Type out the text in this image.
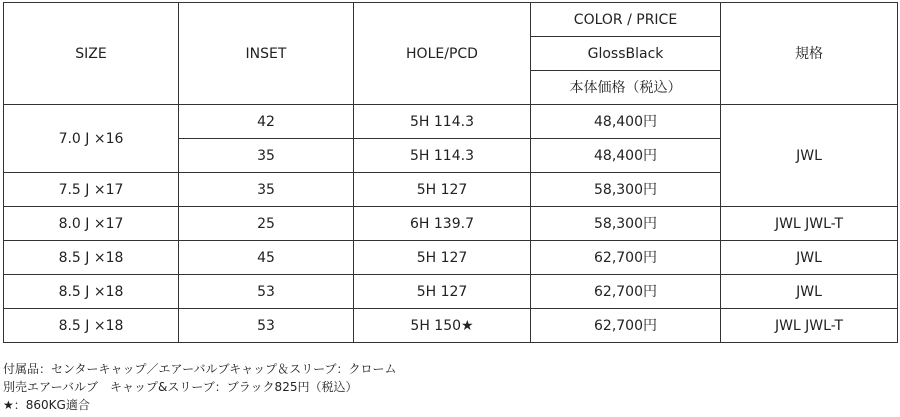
SIZE	INSET	HOLE/PCD	COLOR / PRICE	規格
			GlossBlack	
			本体価格（税込）	
7.0 J ×16	42	5H 114.3	48,400円	JWL
	35	5H 114.3	48,400円	
7.5 J ×17	35	5H 127	58,300円	
8.0 J ×17	25	6H 139.7	58,300円	JWL JWL-T
8.5 J ×18	45	5H 127	62,700円	JWL
8.5 J ×18	53	5H 127	62,700円	JWL
8.5 J ×18	53	5H 150★	62,700円	JWL JWL-T
付属品：センターキャップ／エアーバルブキャップ＆スリーブ：クローム
別売エアーバルブ　キャップ&スリーブ：ブラック825円（税込）
★：860KG適合
